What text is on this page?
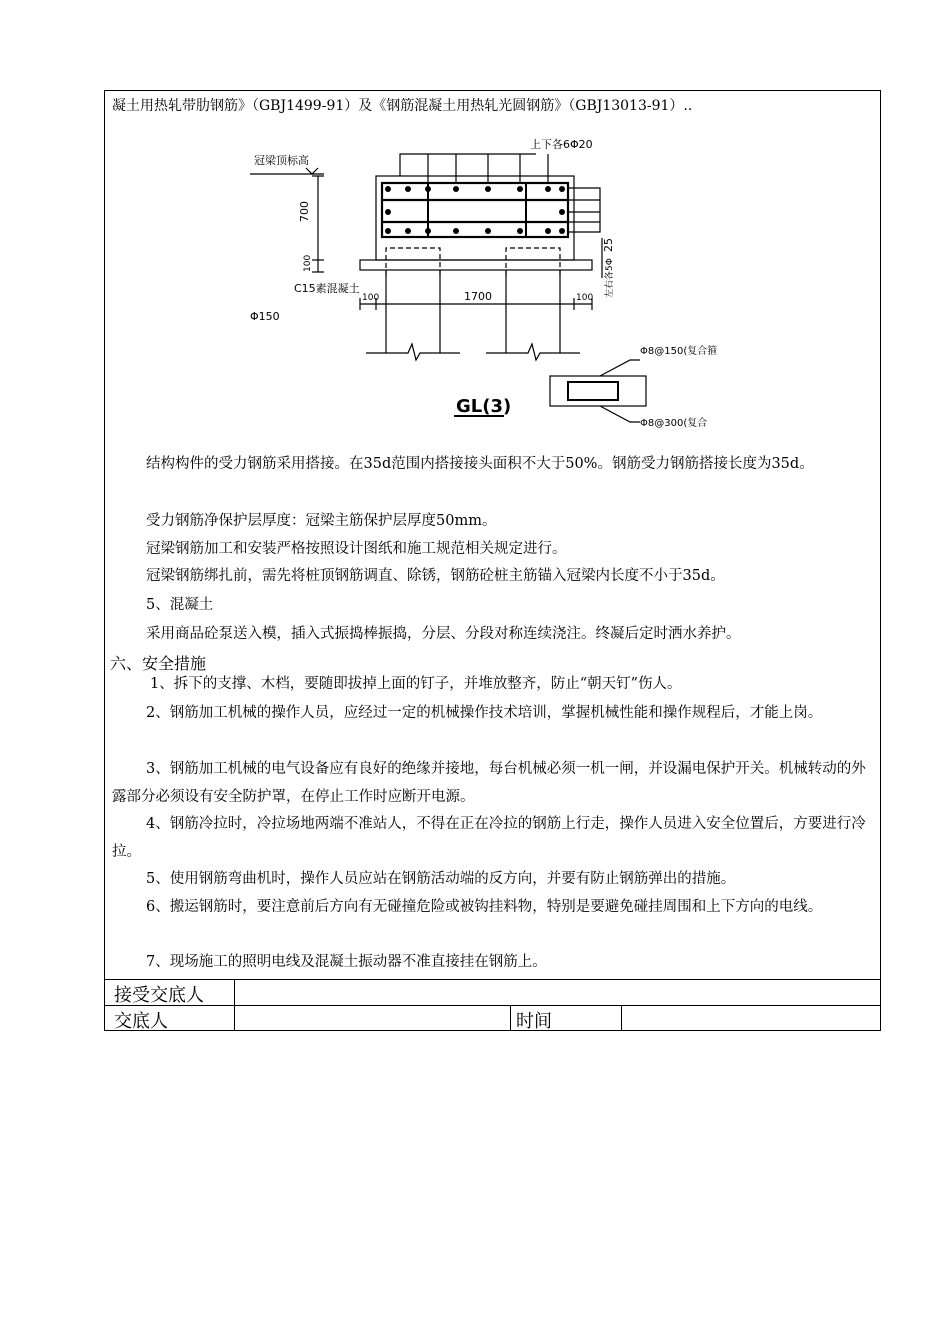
凝土用热轧带肋钢筋》（GBJ1499-91）及《钢筋混凝土用热轧光圆钢筋》（GBJ13013-91）..
上下各6Φ20
冠梁顶标高
700
100
25
左右各5Φ
C15素混凝土
100	1700	100
Φ150
Φ8@150(复合箍
Φ8@300(复合
GL(3)

结构构件的受力钢筋采用搭接。在35d范围内搭接接头面积不大于50%。钢筋受力钢筋搭接长度为35d。

受力钢筋净保护层厚度：冠梁主筋保护层厚度50mm。

冠梁钢筋加工和安装严格按照设计图纸和施工规范相关规定进行。

冠梁钢筋绑扎前，需先将桩顶钢筋调直、除锈，钢筋砼桩主筋锚入冠梁内长度不小于35d。

5、混凝土

采用商品砼泵送入模，插入式振捣棒振捣，分层、分段对称连续浇注。终凝后定时洒水养护。

六、安全措施

1、拆下的支撑、木档，要随即拔掉上面的钉子，并堆放整齐，防止“朝天钉”伤人。

2、钢筋加工机械的操作人员，应经过一定的机械操作技术培训，掌握机械性能和操作规程后，才能上岗。

3、钢筋加工机械的电气设备应有良好的绝缘并接地，每台机械必须一机一闸，并设漏电保护开关。机械转动的外露部分必须设有安全防护罩，在停止工作时应断开电源。

4、钢筋冷拉时，冷拉场地两端不准站人，不得在正在冷拉的钢筋上行走，操作人员进入安全位置后，方要进行冷拉。

5、使用钢筋弯曲机时，操作人员应站在钢筋活动端的反方向，并要有防止钢筋弹出的措施。

6、搬运钢筋时，要注意前后方向有无碰撞危险或被钩挂料物，特别是要避免碰挂周围和上下方向的电线。

7、现场施工的照明电线及混凝土振动器不准直接挂在钢筋上。

接受交底人
交底人	时间
